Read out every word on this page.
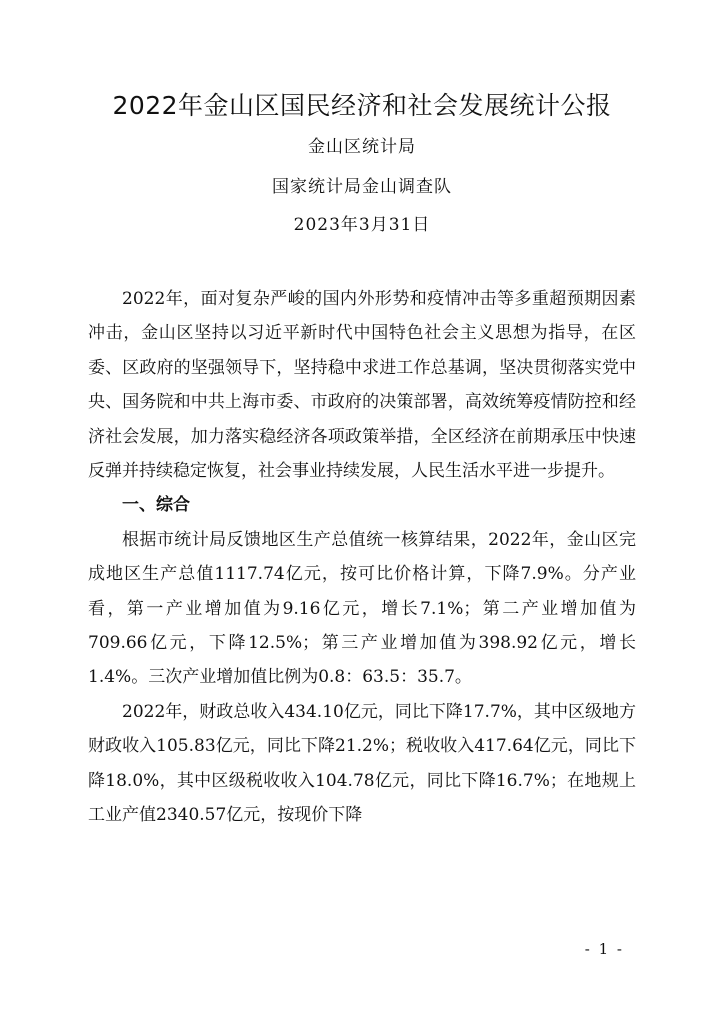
2022年金山区国民经济和社会发展统计公报
金山区统计局
国家统计局金山调查队
2023年3月31日

2022年，面对复杂严峻的国内外形势和疫情冲击等多重超预期因素冲击，金山区坚持以习近平新时代中国特色社会主义思想为指导，在区委、区政府的坚强领导下，坚持稳中求进工作总基调，坚决贯彻落实党中央、国务院和中共上海市委、市政府的决策部署，高效统筹疫情防控和经济社会发展，加力落实稳经济各项政策举措，全区经济在前期承压中快速反弹并持续稳定恢复，社会事业持续发展，人民生活水平进一步提升。

一、综合

根据市统计局反馈地区生产总值统一核算结果，2022年，金山区完成地区生产总值1117.74亿元，按可比价格计算，下降7.9%。分产业看，第一产业增加值为9.16亿元，增长7.1%；第二产业增加值为709.66亿元，下降12.5%；第三产业增加值为398.92亿元，增长1.4%。三次产业增加值比例为0.8：63.5：35.7。

2022年，财政总收入434.10亿元，同比下降17.7%，其中区级地方财政收入105.83亿元，同比下降21.2%；税收收入417.64亿元，同比下降18.0%，其中区级税收收入104.78亿元，同比下降16.7%；在地规上工业产值2340.57亿元，按现价下降

- 1 -
